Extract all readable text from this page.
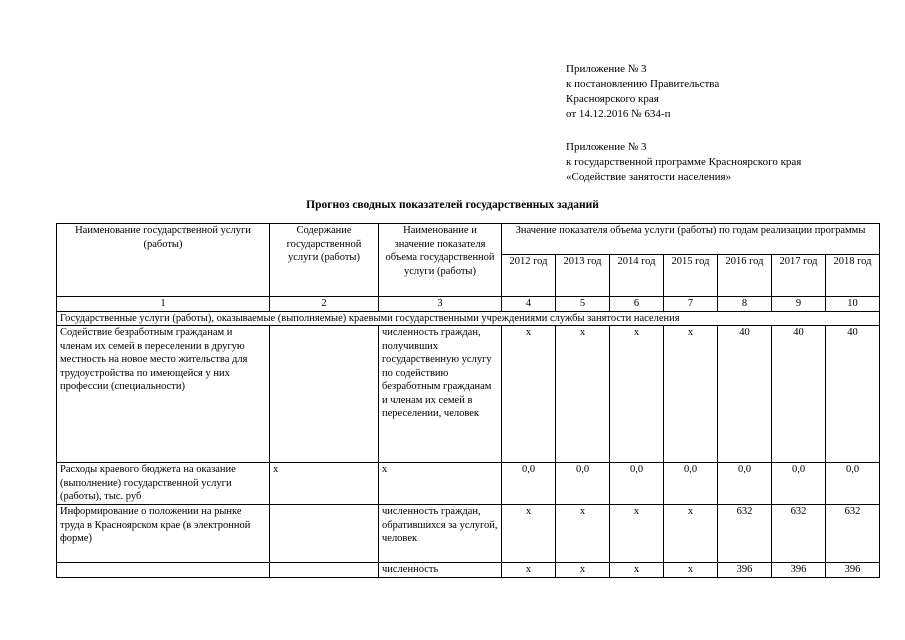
Приложение № 3
к постановлению Правительства
Красноярского края
от 14.12.2016 № 634-п
Приложение № 3
к государственной программе Красноярского края
«Содействие занятости населения»
Прогноз сводных показателей государственных заданий
Наименование государственной услуги (работы)	Содержание государственной услуги (работы)	Наименование и значение показателя объема государственной услуги (работы)	Значение показателя объема услуги (работы) по годам реализации программы						
			2012 год	2013 год	2014 год	2015 год	2016 год	2017 год	2018 год
1	2	3	4	5	6	7	8	9	10
Государственные услуги (работы), оказываемые (выполняемые) краевыми государственными учреждениями службы занятости населения									
Содействие безработным гражданам и членам их семей в переселении в другую местность на новое место жительства для трудоустройства по имеющейся у них профессии (специальности)		численность граждан, получивших государственную услугу по содействию безработным гражданам и членам их семей в переселении, человек	x	x	x	x	40	40	40
Расходы краевого бюджета на оказание (выполнение) государственной услуги (работы), тыс. руб	x	x	0,0	0,0	0,0	0,0	0,0	0,0	0,0
Информирование о положении на рынке труда в Красноярском крае (в электронной форме)		численность граждан, обратившихся за услугой, человек	x	x	x	x	632	632	632
		численность	x	x	x	x	396	396	396
